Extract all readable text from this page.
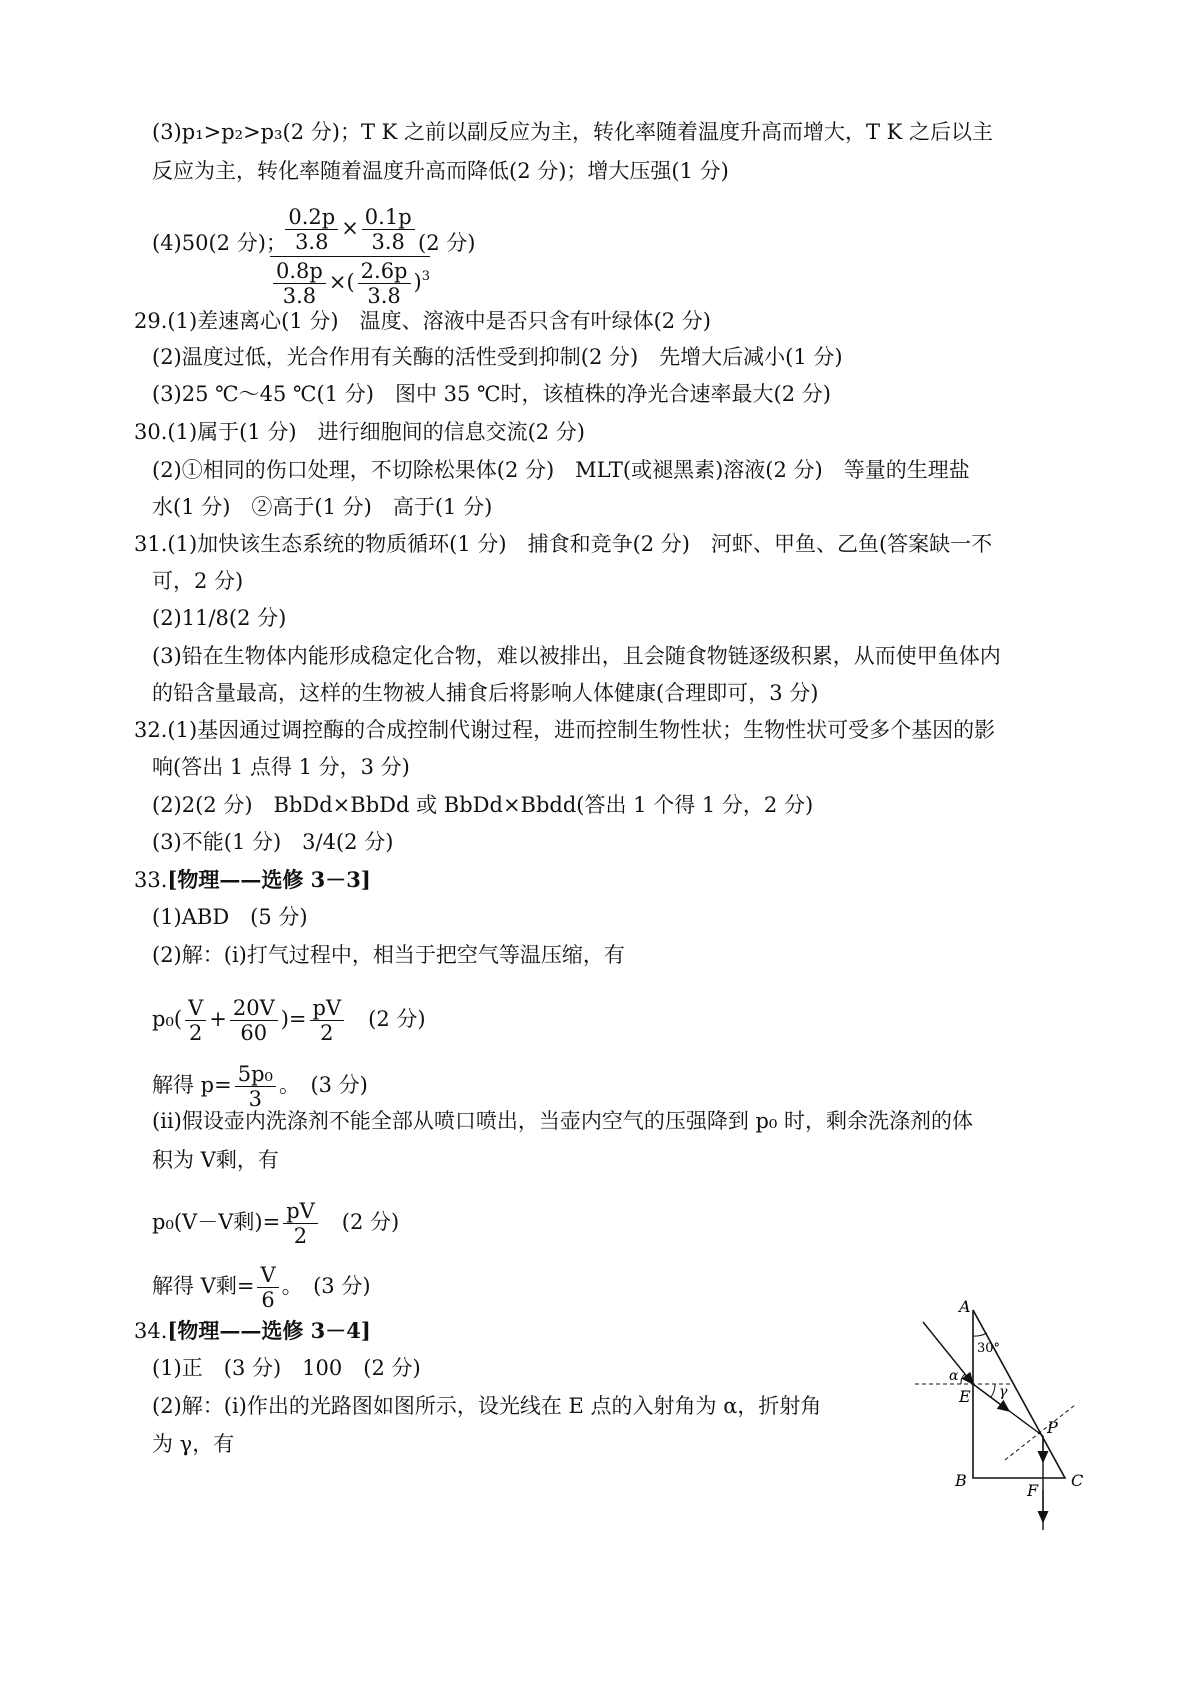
(3)p₁>p₂>p₃(2 分)；T K 之前以副反应为主，转化率随着温度升高而增大，T K 之后以主
反应为主，转化率随着温度升高而降低(2 分)；增大压强(1 分)
(4)50(2 分)；
$\frac{\frac{0.2p}{3.8} \times \frac{0.1p}{3.8}}{\frac{0.8p}{3.8} \times( \frac{2.6p}{3.8} )^3}$
(2 分)
29.(1)差速离心(1 分)　温度、溶液中是否只含有叶绿体(2 分)
(2)温度过低，光合作用有关酶的活性受到抑制(2 分)　先增大后减小(1 分)
(3)25 ℃～45 ℃(1 分)　图中 35 ℃时，该植株的净光合速率最大(2 分)
30.(1)属于(1 分)　进行细胞间的信息交流(2 分)
(2)①相同的伤口处理，不切除松果体(2 分)　MLT(或褪黑素)溶液(2 分)　等量的生理盐
水(1 分)　②高于(1 分)　高于(1 分)
31.(1)加快该生态系统的物质循环(1 分)　捕食和竞争(2 分)　河虾、甲鱼、乙鱼(答案缺一不
可，2 分)
(2)11/8(2 分)
(3)铅在生物体内能形成稳定化合物，难以被排出，且会随食物链逐级积累，从而使甲鱼体内
的铅含量最高，这样的生物被人捕食后将影响人体健康(合理即可，3 分)
32.(1)基因通过调控酶的合成控制代谢过程，进而控制生物性状；生物性状可受多个基因的影
响(答出 1 点得 1 分，3 分)
(2)2(2 分)　BbDd×BbDd 或 BbDd×Bbdd(答出 1 个得 1 分，2 分)
(3)不能(1 分)　3/4(2 分)
33.[物理——选修 3－3]
(1)ABD　(5 分)
(2)解：(ⅰ)打气过程中，相当于把空气等温压缩，有
$p_0( \frac{V}{2} + \frac{20V}{60}$ )= $\frac{pV}{2}$ 　(2 分)
解得 $p= \frac{\text{5p₀}}{3}$ 。　(3 分)
(ⅱ)假设壶内洗涤剂不能全部从喷口喷出，当壶内空气的压强降到 p₀ 时，剩余洗涤剂的体
积为 V剩，有
p₀(V－V剩)= $\frac{pV}{2}$ 　(2 分)
解得 V剩= $\frac{V}{6}$ 。　(3 分)
34.[物理——选修 3－4]
(1)正　(3 分)　100　(2 分)
(2)解：(ⅰ)作出的光路图如图所示，设光线在 E 点的入射角为 α，折射角
为 γ，有
A
B	C
E
F
P
30°
α
γ
